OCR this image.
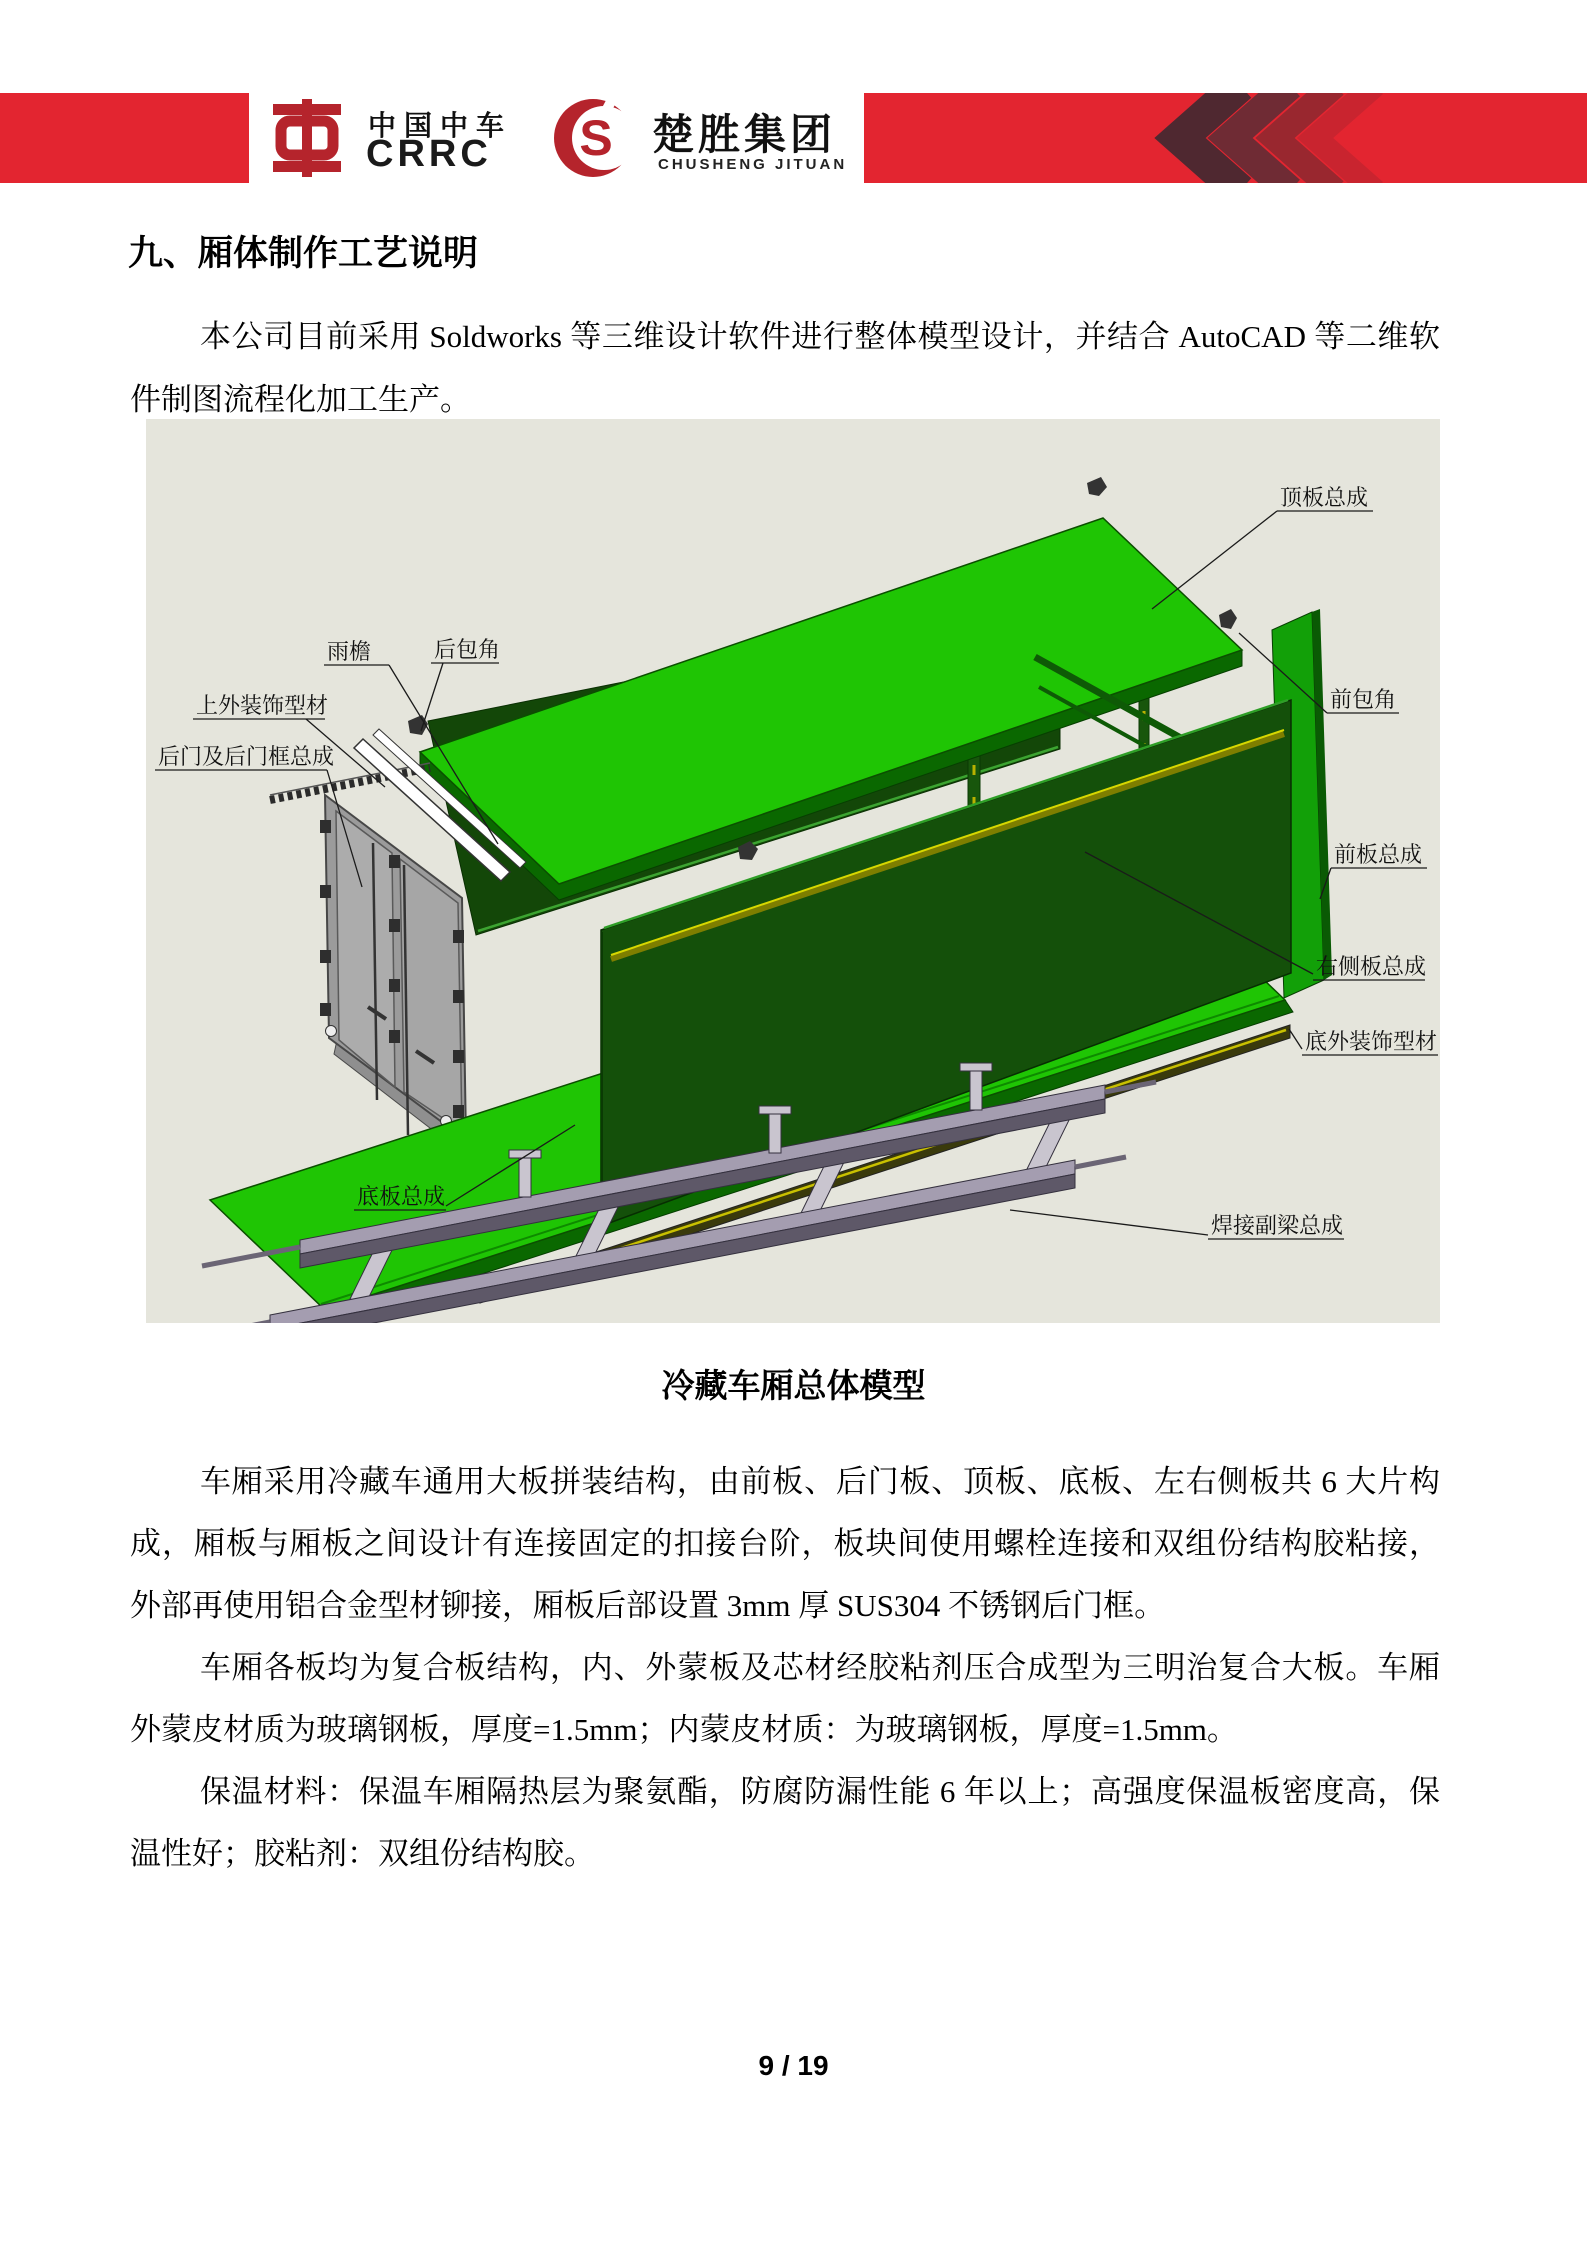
中国中车
CRRC S 楚胜集团
CHUSHENG JITUAN
九、厢体制作工艺说明
本公司目前采用 Soldworks 等三维设计软件进行整体模型设计，并结合 AutoCAD 等二维软
件制图流程化加工生产。
顶板总成
前包角
前板总成
右侧板总成
底外装饰型材
焊接副梁总成
底板总成
后门及后门框总成
上外装饰型材
雨檐	后包角
冷藏车厢总体模型
车厢采用冷藏车通用大板拼装结构，由前板、后门板、顶板、底板、左右侧板共 6 大片构
成，厢板与厢板之间设计有连接固定的扣接台阶，板块间使用螺栓连接和双组份结构胶粘接，
外部再使用铝合金型材铆接，厢板后部设置 3mm 厚 SUS304 不锈钢后门框。
车厢各板均为复合板结构，内、外蒙板及芯材经胶粘剂压合成型为三明治复合大板。车厢
外蒙皮材质为玻璃钢板，厚度=1.5mm；内蒙皮材质：为玻璃钢板，厚度=1.5mm。
保温材料：保温车厢隔热层为聚氨酯，防腐防漏性能 6 年以上；高强度保温板密度高，保
温性好；胶粘剂：双组份结构胶。
9 / 19
